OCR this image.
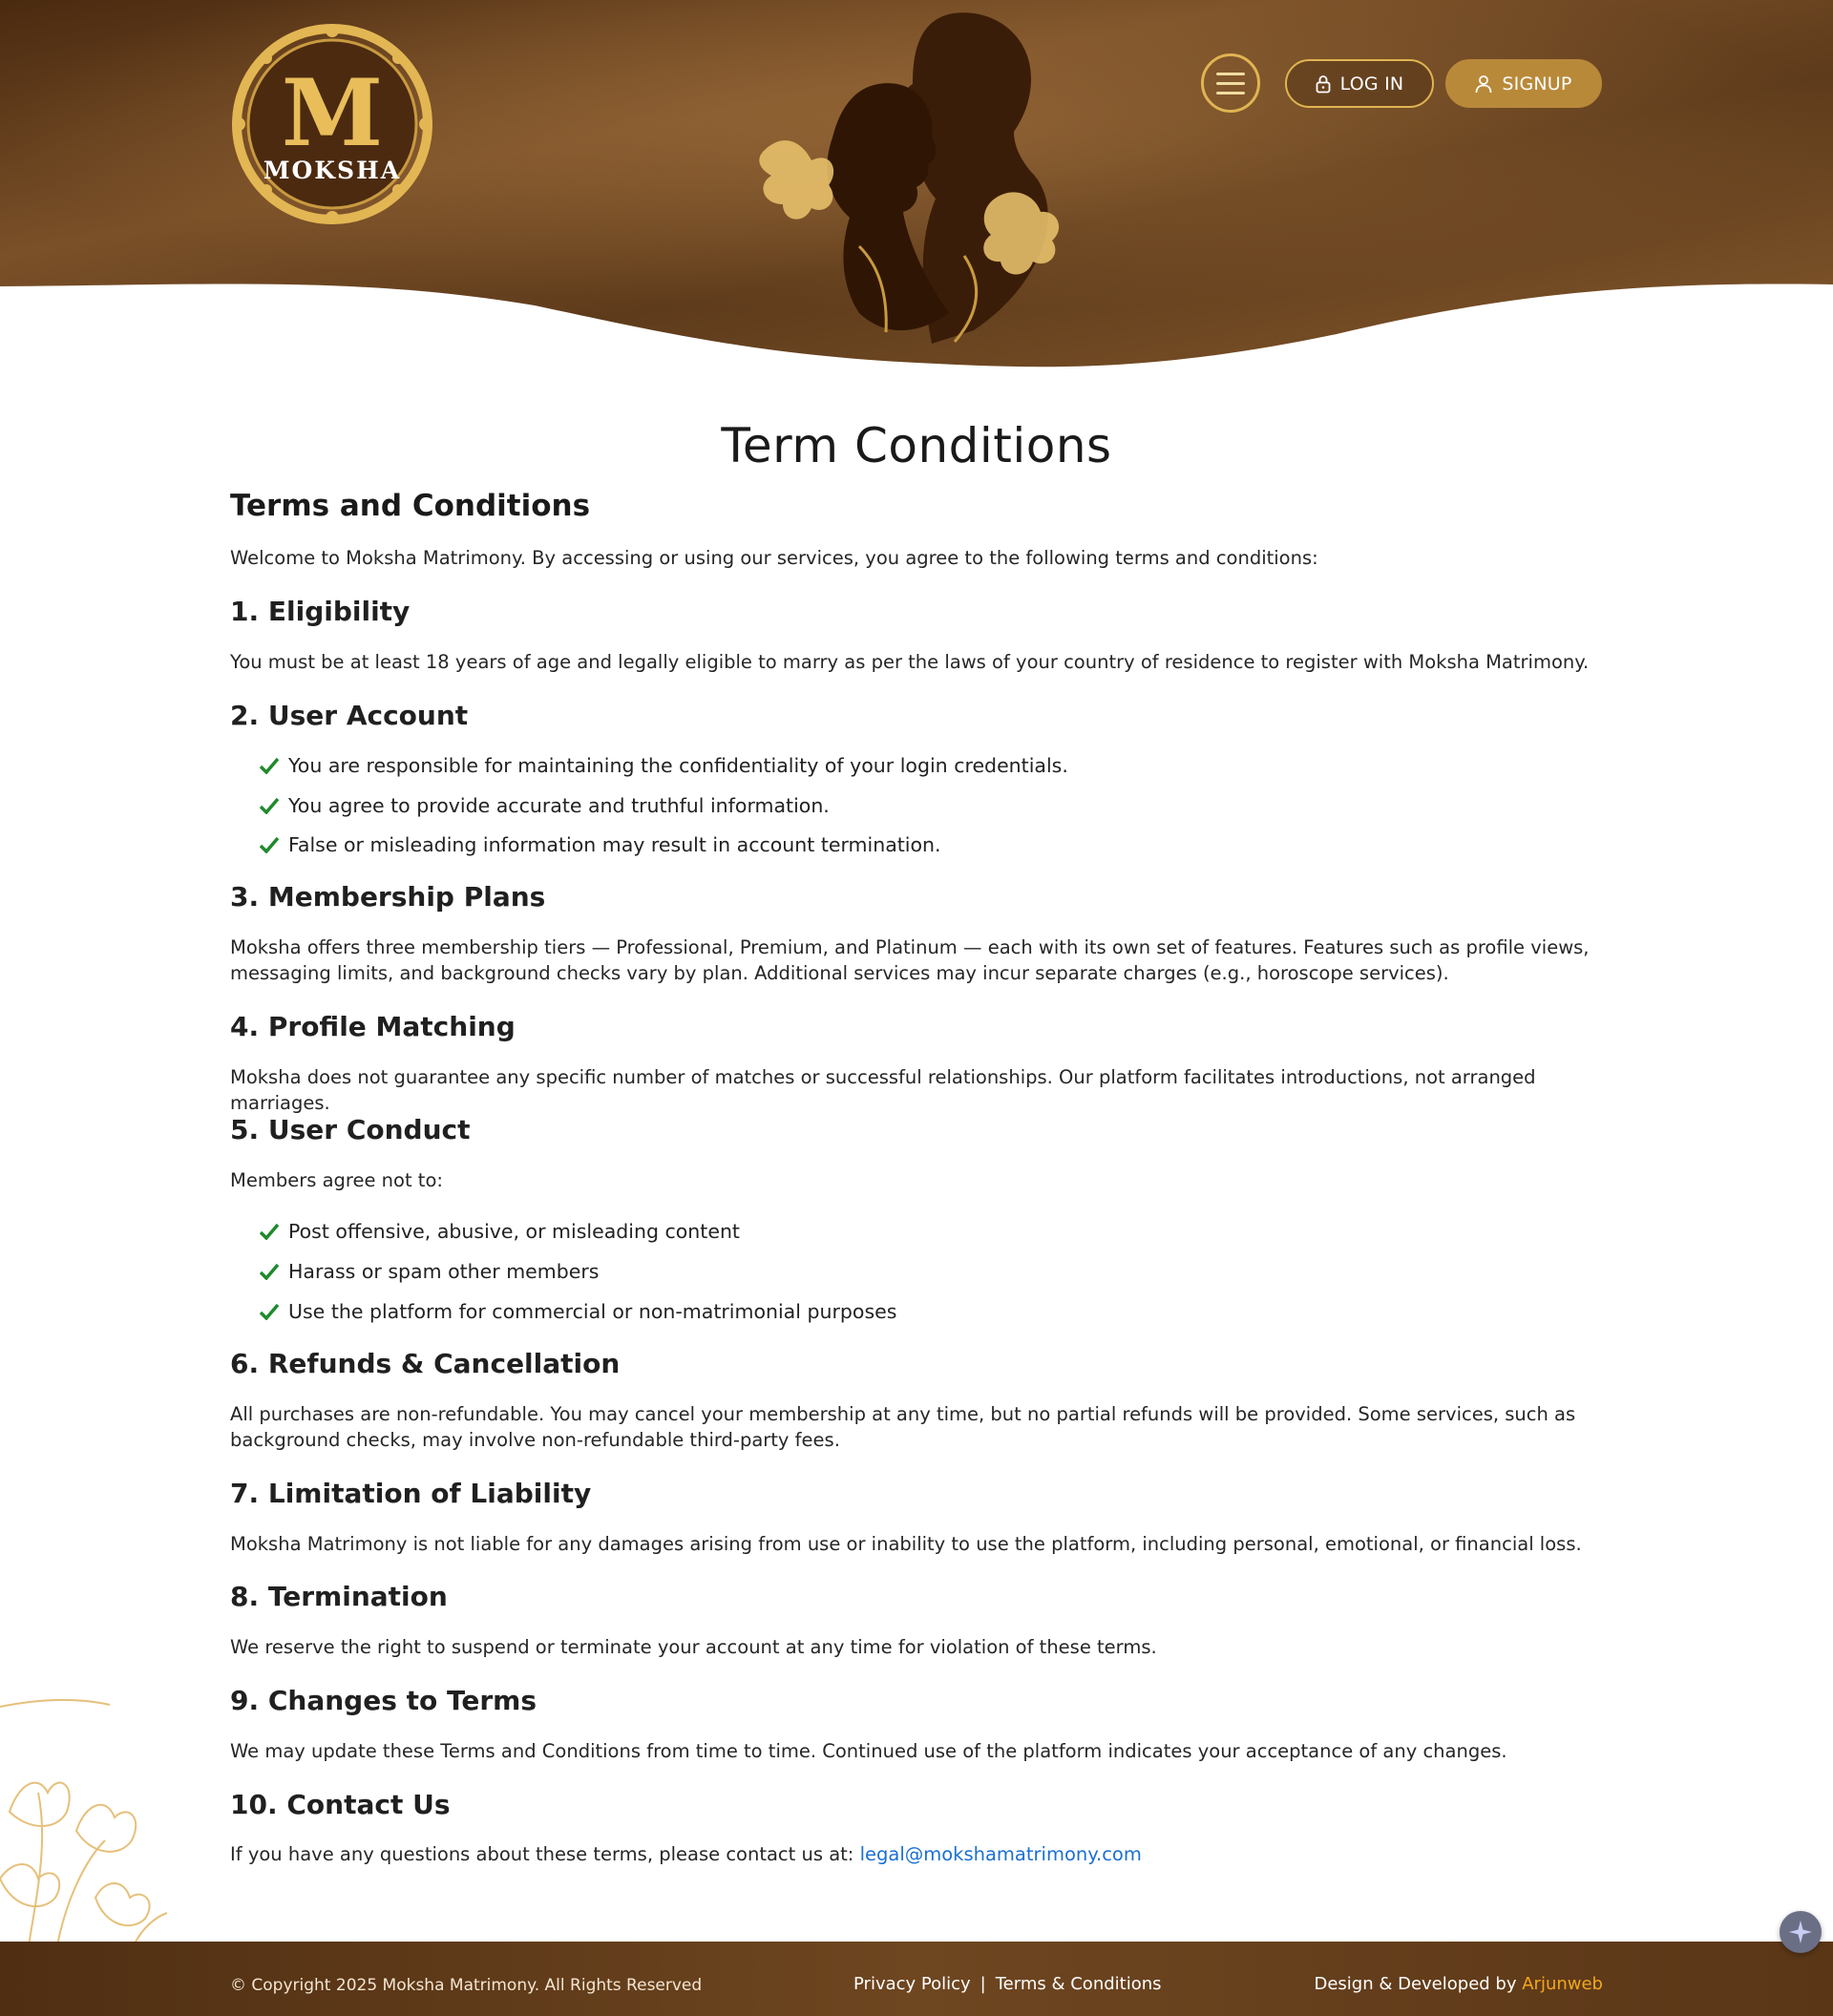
M
MOKSHA
LOG IN	SIGNUP
Term Conditions
Terms and Conditions

Welcome to Moksha Matrimony. By accessing or using our services, you agree to the following terms and conditions:

1. Eligibility

You must be at least 18 years of age and legally eligible to marry as per the laws of your country of residence to register with Moksha Matrimony.

2. User Account
You are responsible for maintaining the confidentiality of your login credentials.
You agree to provide accurate and truthful information.
False or misleading information may result in account termination.
3. Membership Plans

Moksha offers three membership tiers — Professional, Premium, and Platinum — each with its own set of features. Features such as profile views, messaging limits, and background checks vary by plan. Additional services may incur separate charges (e.g., horoscope services).

4. Profile Matching

Moksha does not guarantee any specific number of matches or successful relationships. Our platform facilitates introductions, not arranged marriages.

5. User Conduct

Members agree not to:

Post offensive, abusive, or misleading content
Harass or spam other members
Use the platform for commercial or non-matrimonial purposes
6. Refunds & Cancellation

All purchases are non-refundable. You may cancel your membership at any time, but no partial refunds will be provided. Some services, such as background checks, may involve non-refundable third-party fees.

7. Limitation of Liability

Moksha Matrimony is not liable for any damages arising from use or inability to use the platform, including personal, emotional, or financial loss.

8. Termination

We reserve the right to suspend or terminate your account at any time for violation of these terms.

9. Changes to Terms

We may update these Terms and Conditions from time to time. Continued use of the platform indicates your acceptance of any changes.

10. Contact Us

If you have any questions about these terms, please contact us at: legal@mokshamatrimony.com

© Copyright 2025 Moksha Matrimony. All Rights Reserved	Privacy Policy | Terms & Conditions	Design & Developed by Arjunweb
